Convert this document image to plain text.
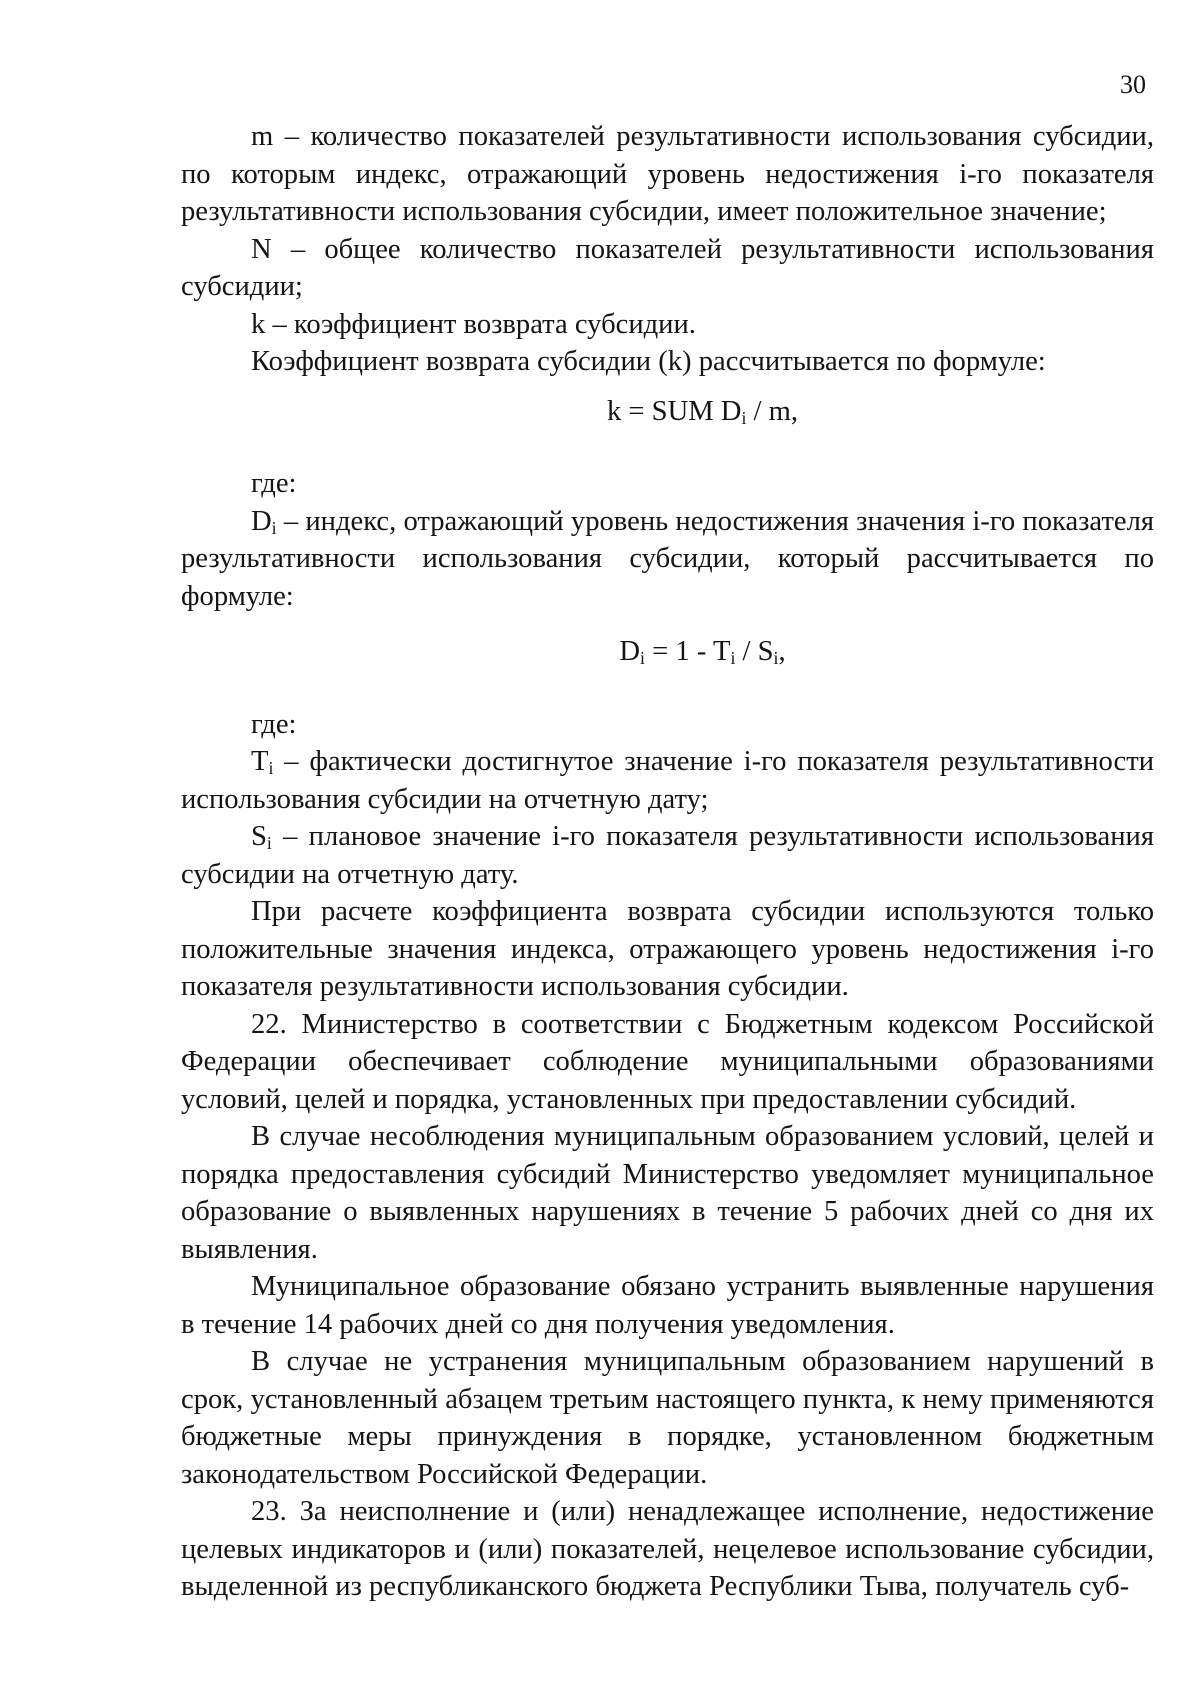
30

m – количество показателей результативности использования субсидии, по которым индекс, отражающий уровень недостижения i-го показателя результативности использования субсидии, имеет положительное значение;

N – общее количество показателей результативности использования субсидии;

k – коэффициент возврата субсидии.

Коэффициент возврата субсидии (k) рассчитывается по формуле:

k = SUM $D_i$ / m,

где:

$D_i$ – индекс, отражающий уровень недостижения значения i-го показателя результативности использования субсидии, который рассчитывается по формуле:

$D_i = 1 - T_i / S_i$,

где:

$T_i$ – фактически достигнутое значение i-го показателя результативности использования субсидии на отчетную дату;

$S_i$ – плановое значение i-го показателя результативности использования субсидии на отчетную дату.

При расчете коэффициента возврата субсидии используются только положительные значения индекса, отражающего уровень недостижения i-го показателя результативности использования субсидии.

22. Министерство в соответствии с Бюджетным кодексом Российской Федерации обеспечивает соблюдение муниципальными образованиями условий, целей и порядка, установленных при предоставлении субсидий.

В случае несоблюдения муниципальным образованием условий, целей и порядка предоставления субсидий Министерство уведомляет муниципальное образование о выявленных нарушениях в течение 5 рабочих дней со дня их выявления.

Муниципальное образование обязано устранить выявленные нарушения в течение 14 рабочих дней со дня получения уведомления.

В случае не устранения муниципальным образованием нарушений в срок, установленный абзацем третьим настоящего пункта, к нему применяются бюджетные меры принуждения в порядке, установленном бюджетным законодательством Российской Федерации.

23. За неисполнение и (или) ненадлежащее исполнение, недостижение целевых индикаторов и (или) показателей, нецелевое использование субсидии, выделенной из республиканского бюджета Республики Тыва, получатель суб-
